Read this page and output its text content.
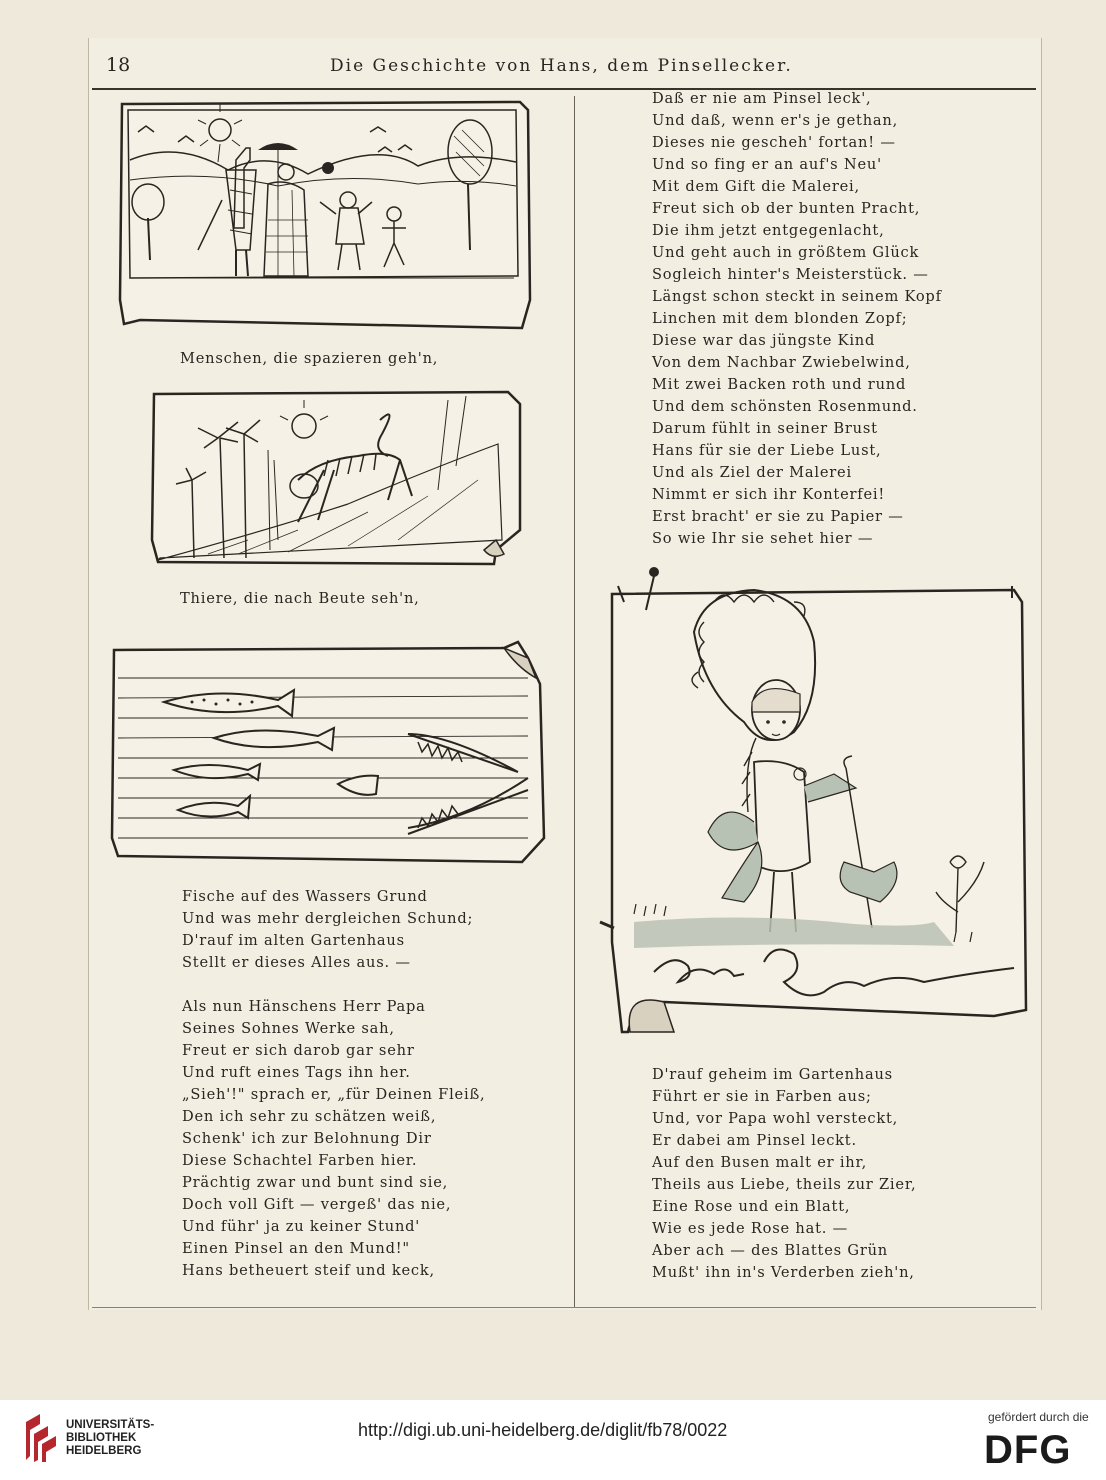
18	Die Geschichte von Hans, dem Pinsellecker.
Menschen, die spazieren geh'n,
Thiere, die nach Beute seh'n,
Fische auf des Wassers Grund
Und was mehr dergleichen Schund;
D'rauf im alten Gartenhaus
Stellt er dieses Alles aus. —
Als nun Hänschens Herr Papa
Seines Sohnes Werke sah,
Freut er sich darob gar sehr
Und ruft eines Tags ihn her.
„Sieh'!" sprach er, „für Deinen Fleiß,
Den ich sehr zu schätzen weiß,
Schenk' ich zur Belohnung Dir
Diese Schachtel Farben hier.
Prächtig zwar und bunt sind sie,
Doch voll Gift — vergeß' das nie,
Und führ' ja zu keiner Stund'
Einen Pinsel an den Mund!"
Hans betheuert steif und keck,
Daß er nie am Pinsel leck',
Und daß, wenn er's je gethan,
Dieses nie gescheh' fortan! —
Und so fing er an auf's Neu'
Mit dem Gift die Malerei,
Freut sich ob der bunten Pracht,
Die ihm jetzt entgegenlacht,
Und geht auch in größtem Glück
Sogleich hinter's Meisterstück. —
Längst schon steckt in seinem Kopf
Linchen mit dem blonden Zopf;
Diese war das jüngste Kind
Von dem Nachbar Zwiebelwind,
Mit zwei Backen roth und rund
Und dem schönsten Rosenmund.
Darum fühlt in seiner Brust
Hans für sie der Liebe Lust,
Und als Ziel der Malerei
Nimmt er sich ihr Konterfei!
Erst bracht' er sie zu Papier —
So wie Ihr sie sehet hier —
D'rauf geheim im Gartenhaus
Führt er sie in Farben aus;
Und, vor Papa wohl versteckt,
Er dabei am Pinsel leckt.
Auf den Busen malt er ihr,
Theils aus Liebe, theils zur Zier,
Eine Rose und ein Blatt,
Wie es jede Rose hat. —
Aber ach — des Blattes Grün
Mußt' ihn in's Verderben zieh'n,
UNIVERSITÄTS-
BIBLIOTHEK
HEIDELBERG
http://digi.ub.uni-heidelberg.de/diglit/fb78/0022
gefördert durch die
DFG
